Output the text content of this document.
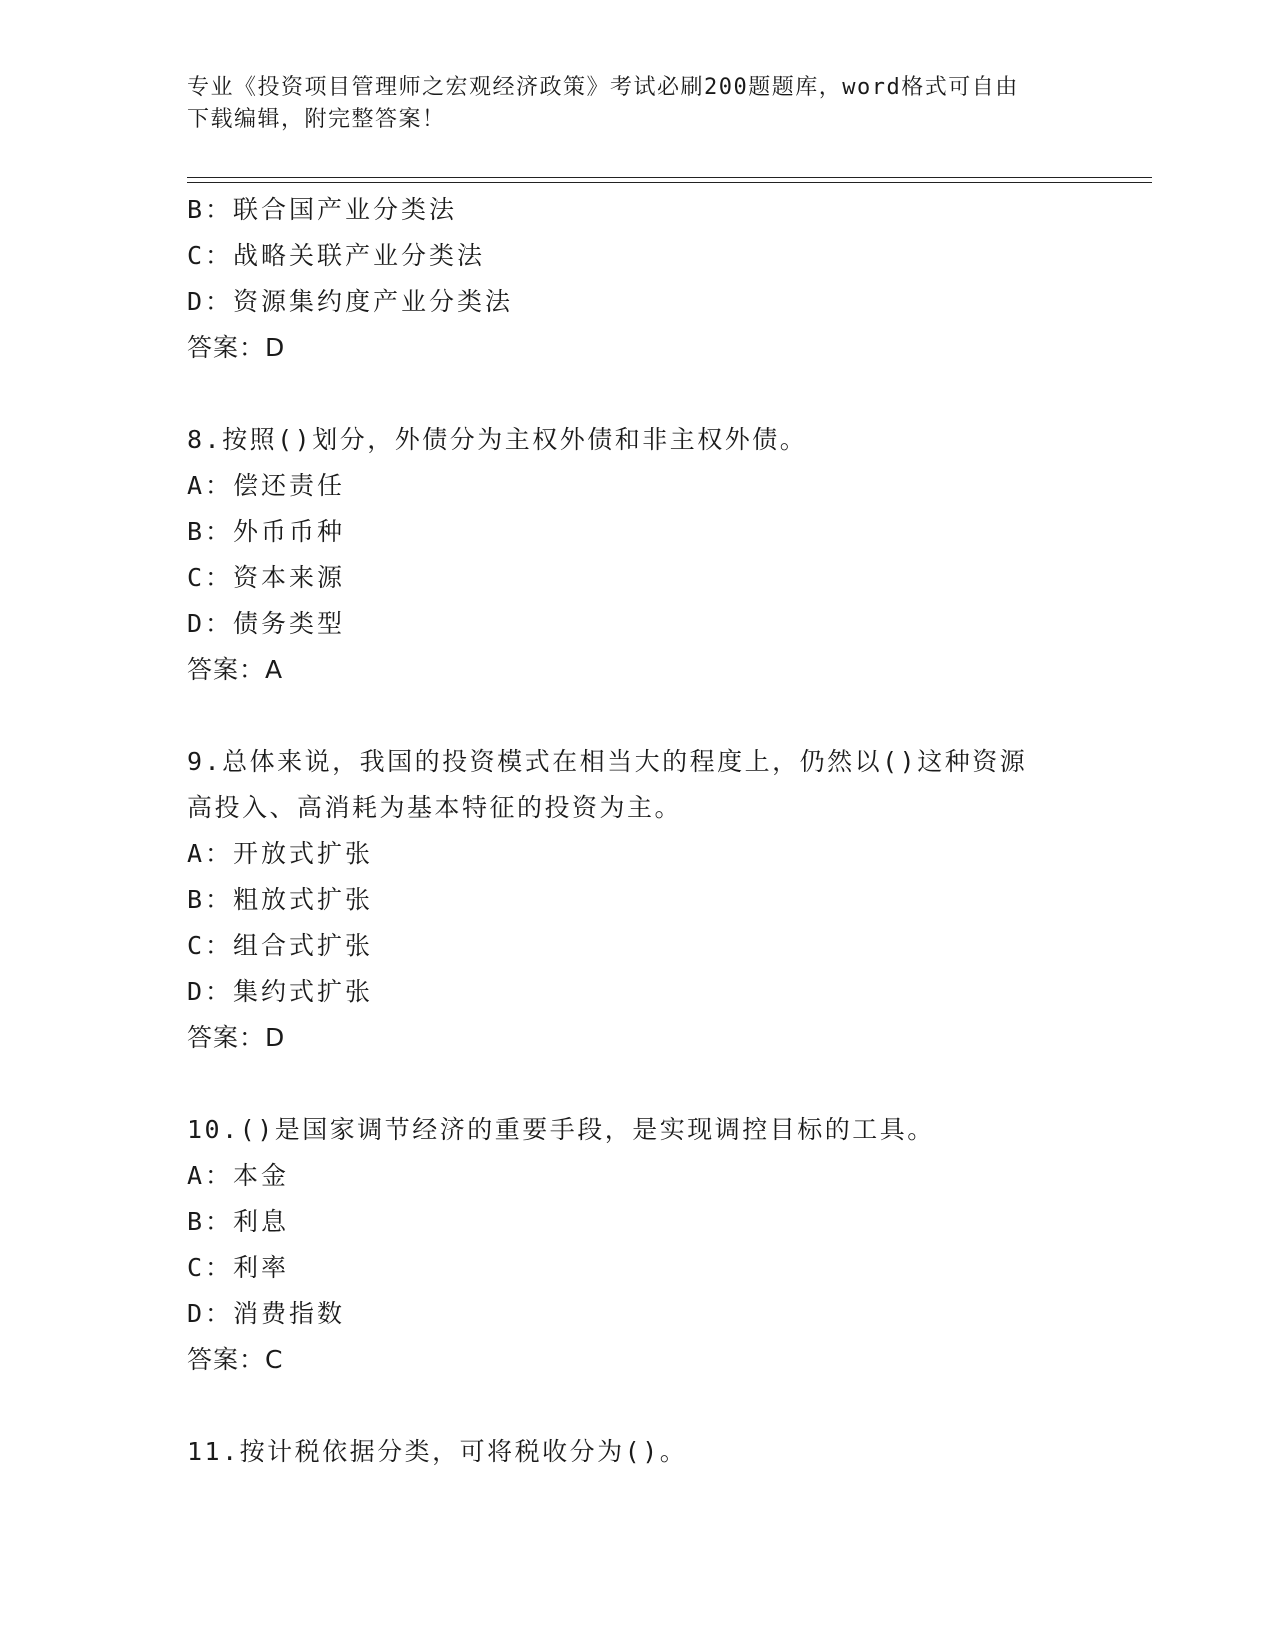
专业《投资项目管理师之宏观经济政策》考试必刷200题题库，word格式可自由
下载编辑，附完整答案！
B：联合国产业分类法
C：战略关联产业分类法
D：资源集约度产业分类法
答案：D
8.按照()划分，外债分为主权外债和非主权外债。
A：偿还责任
B：外币币种
C：资本来源
D：债务类型
答案：A
9.总体来说，我国的投资模式在相当大的程度上，仍然以()这种资源
高投入、高消耗为基本特征的投资为主。
A：开放式扩张
B：粗放式扩张
C：组合式扩张
D：集约式扩张
答案：D
10.()是国家调节经济的重要手段，是实现调控目标的工具。
A：本金
B：利息
C：利率
D：消费指数
答案：C
11.按计税依据分类，可将税收分为()。
